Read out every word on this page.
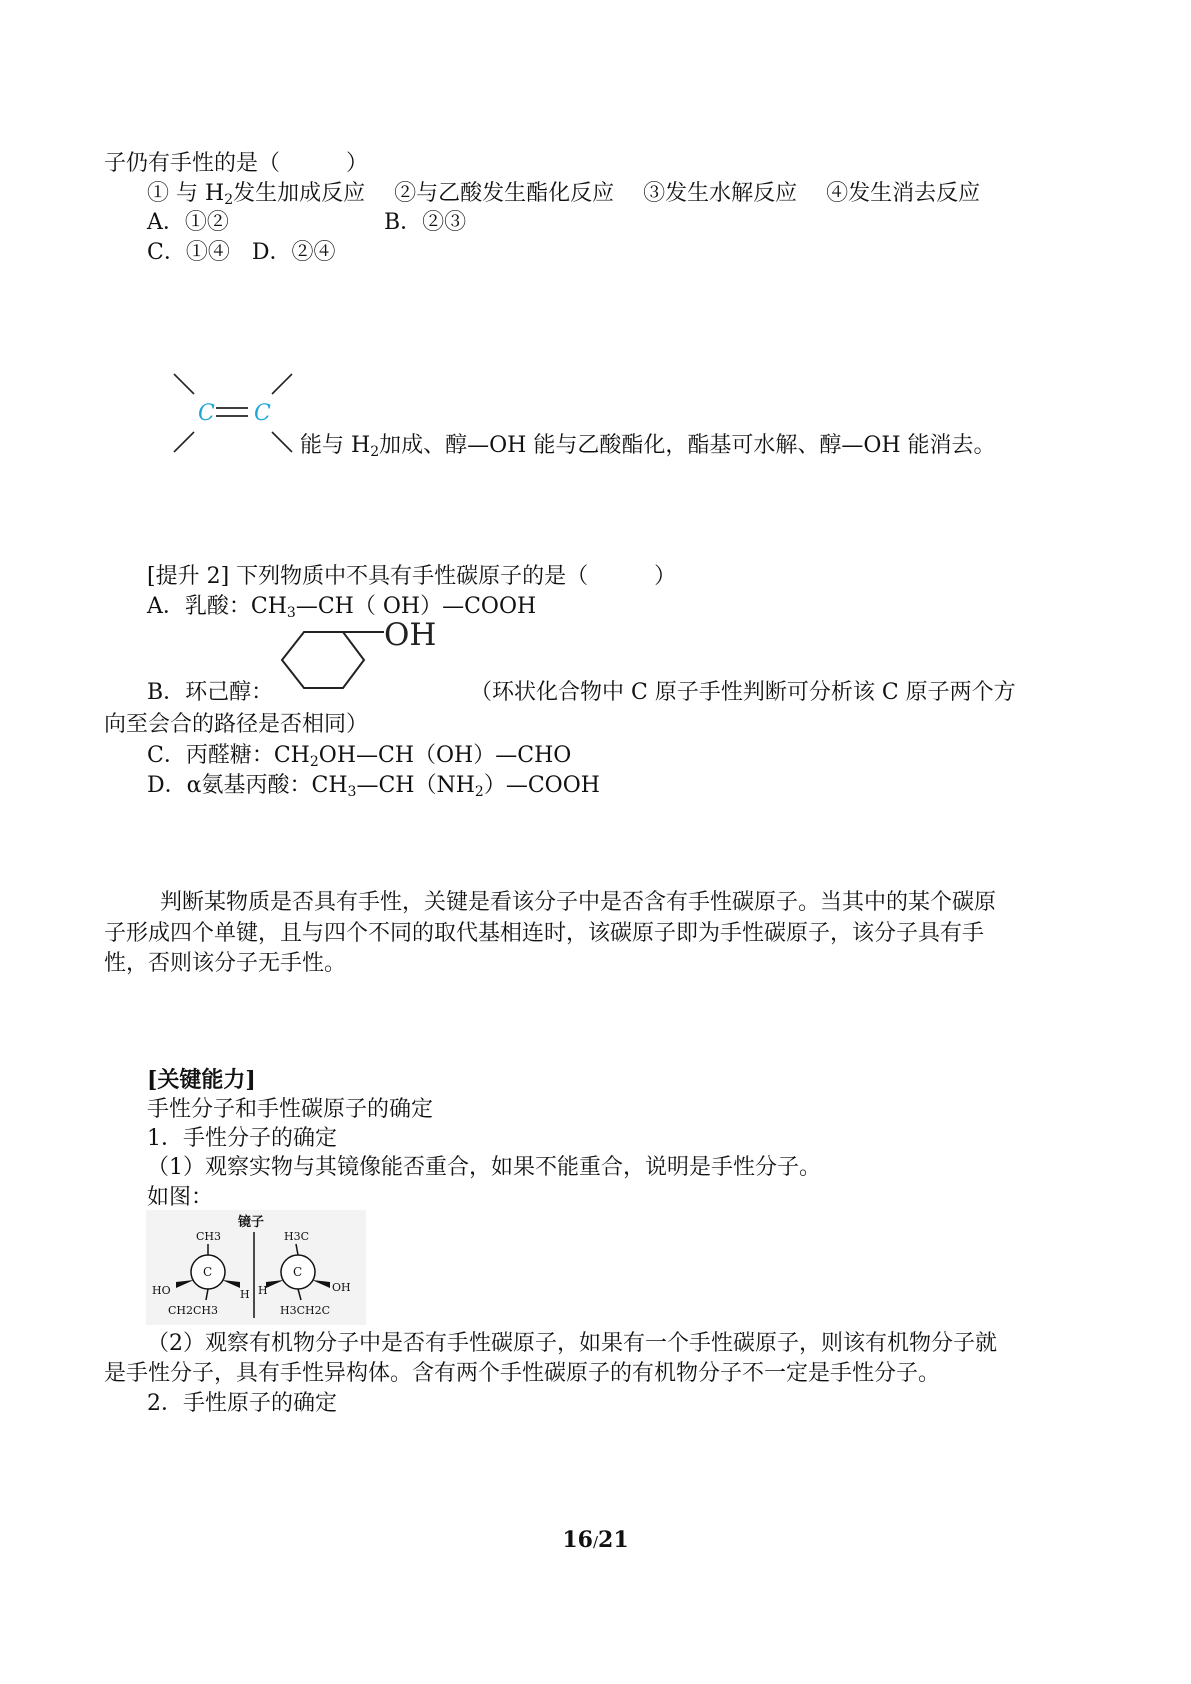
子仍有手性的是（　　　）
① 与 $H_2$发生加成反应 ②与乙酸发生酯化反应 ③发生水解反应 ④发生消去反应
A．①②	B．②③
C．①④　D．②④
C C
能与 $H_2$加成、醇—OH 能与乙酸酯化，酯基可水解、醇—OH 能消去。
[提升 2] 下列物质中不具有手性碳原子的是（　　　）
A．乳酸：$CH_3—CH$（ OH）—COOH
OH
B．环己醇：	（环状化合物中 C 原子手性判断可分析该 C 原子两个方
向至会合的路径是否相同）
C．丙醛糖：$CH_2OH—CH(OH)—CHO$
D．α氨基丙酸：$CH_3—CH(NH_2)—COOH$
判断某物质是否具有手性，关键是看该分子中是否含有手性碳原子。当其中的某个碳原
子形成四个单键，且与四个不同的取代基相连时，该碳原子即为手性碳原子，该分子具有手
性，否则该分子无手性。
[关键能力]
手性分子和手性碳原子的确定
1．手性分子的确定
（1）观察实物与其镜像能否重合，如果不能重合，说明是手性分子。
如图：
镜子
C
CH3
HO	H
CH2CH3
C
H3C
H	OH
H3CH2C
（2）观察有机物分子中是否有手性碳原子，如果有一个手性碳原子，则该有机物分子就
是手性分子，具有手性异构体。含有两个手性碳原子的有机物分子不一定是手性分子。
2．手性原子的确定
16/21
